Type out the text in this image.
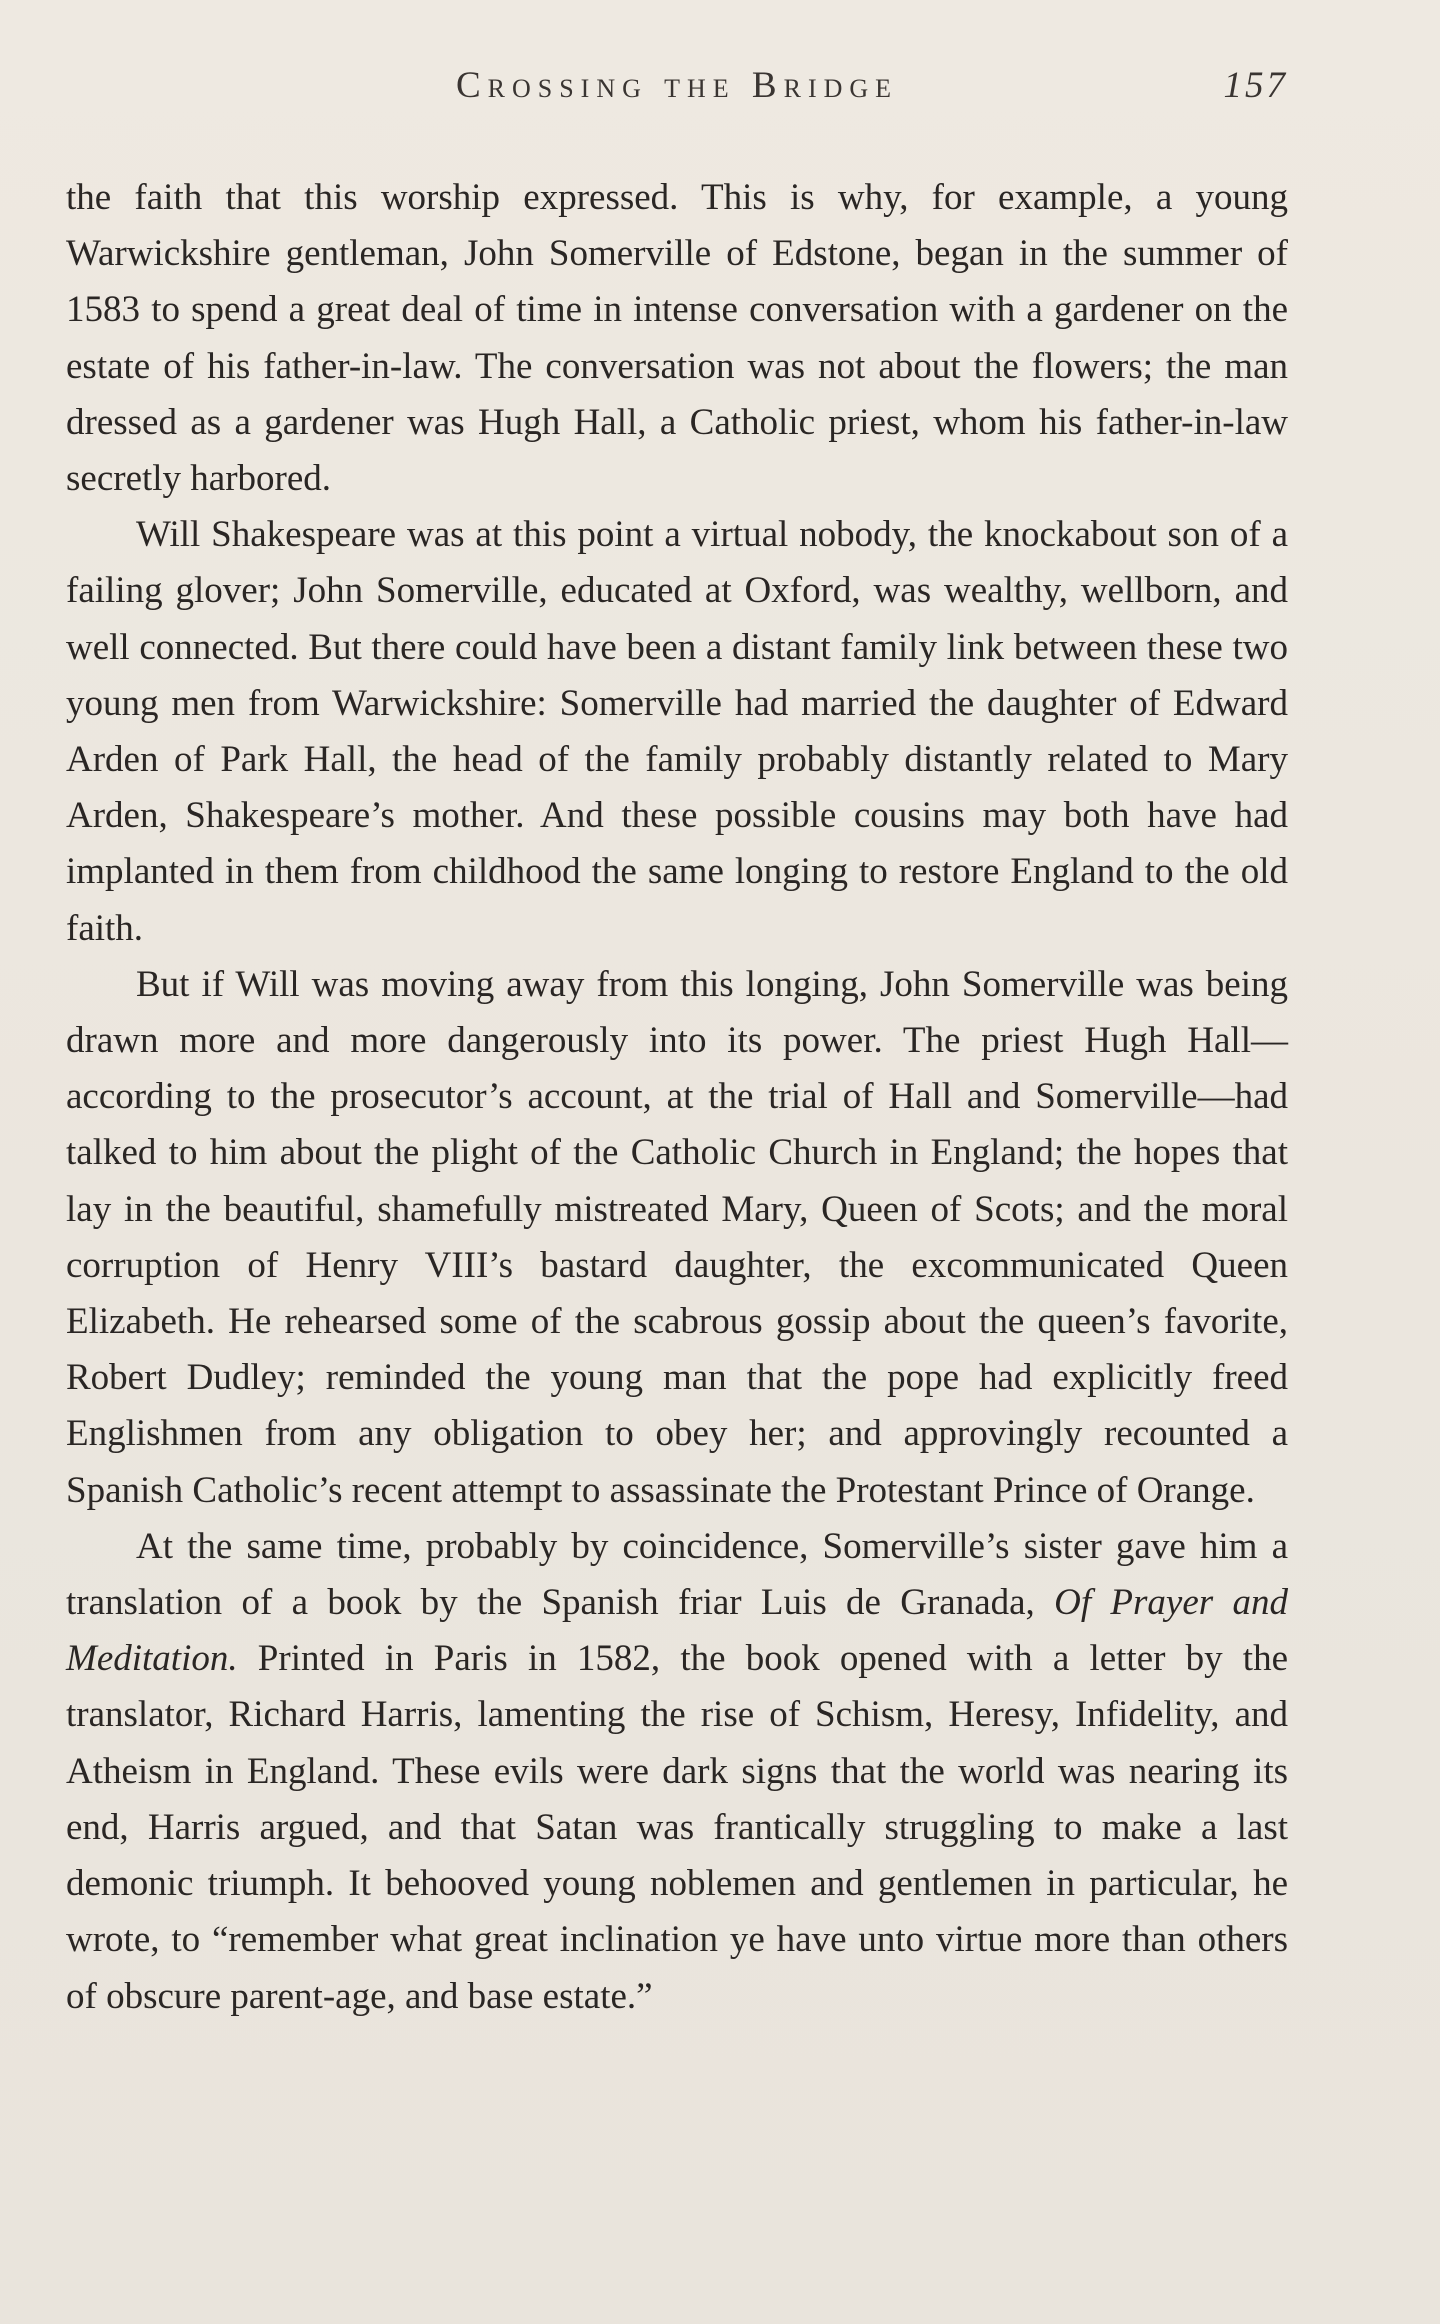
Crossing the Bridge	157

the faith that this worship expressed. This is why, for example, a young Warwickshire gentleman, John Somerville of Edstone, began in the summer of 1583 to spend a great deal of time in intense conversation with a gardener on the estate of his father-in-law. The conversation was not about the flowers; the man dressed as a gardener was Hugh Hall, a Catholic priest, whom his father-in-law secretly harbored.

Will Shakespeare was at this point a virtual nobody, the knockabout son of a failing glover; John Somerville, educated at Oxford, was wealthy, wellborn, and well connected. But there could have been a distant family link between these two young men from Warwickshire: Somerville had married the daughter of Edward Arden of Park Hall, the head of the family probably distantly related to Mary Arden, Shakespeare’s mother. And these possible cousins may both have had implanted in them from childhood the same longing to restore England to the old faith.

But if Will was moving away from this longing, John Somerville was being drawn more and more dangerously into its power. The priest Hugh Hall—according to the prosecutor’s account, at the trial of Hall and Somerville—had talked to him about the plight of the Catholic Church in England; the hopes that lay in the beautiful, shamefully mistreated Mary, Queen of Scots; and the moral corruption of Henry VIII’s bastard daughter, the excommunicated Queen Elizabeth. He rehearsed some of the scabrous gossip about the queen’s favorite, Robert Dudley; reminded the young man that the pope had explicitly freed Englishmen from any obligation to obey her; and approvingly recounted a Spanish Catholic’s recent attempt to assassinate the Protestant Prince of Orange.

At the same time, probably by coincidence, Somerville’s sister gave him a translation of a book by the Spanish friar Luis de Granada, Of Prayer and Meditation. Printed in Paris in 1582, the book opened with a letter by the translator, Richard Harris, lamenting the rise of Schism, Heresy, Infidelity, and Atheism in England. These evils were dark signs that the world was nearing its end, Harris argued, and that Satan was frantically struggling to make a last demonic triumph. It behooved young noblemen and gentlemen in particular, he wrote, to “remember what great inclination ye have unto virtue more than others of obscure parent-age, and base estate.”
